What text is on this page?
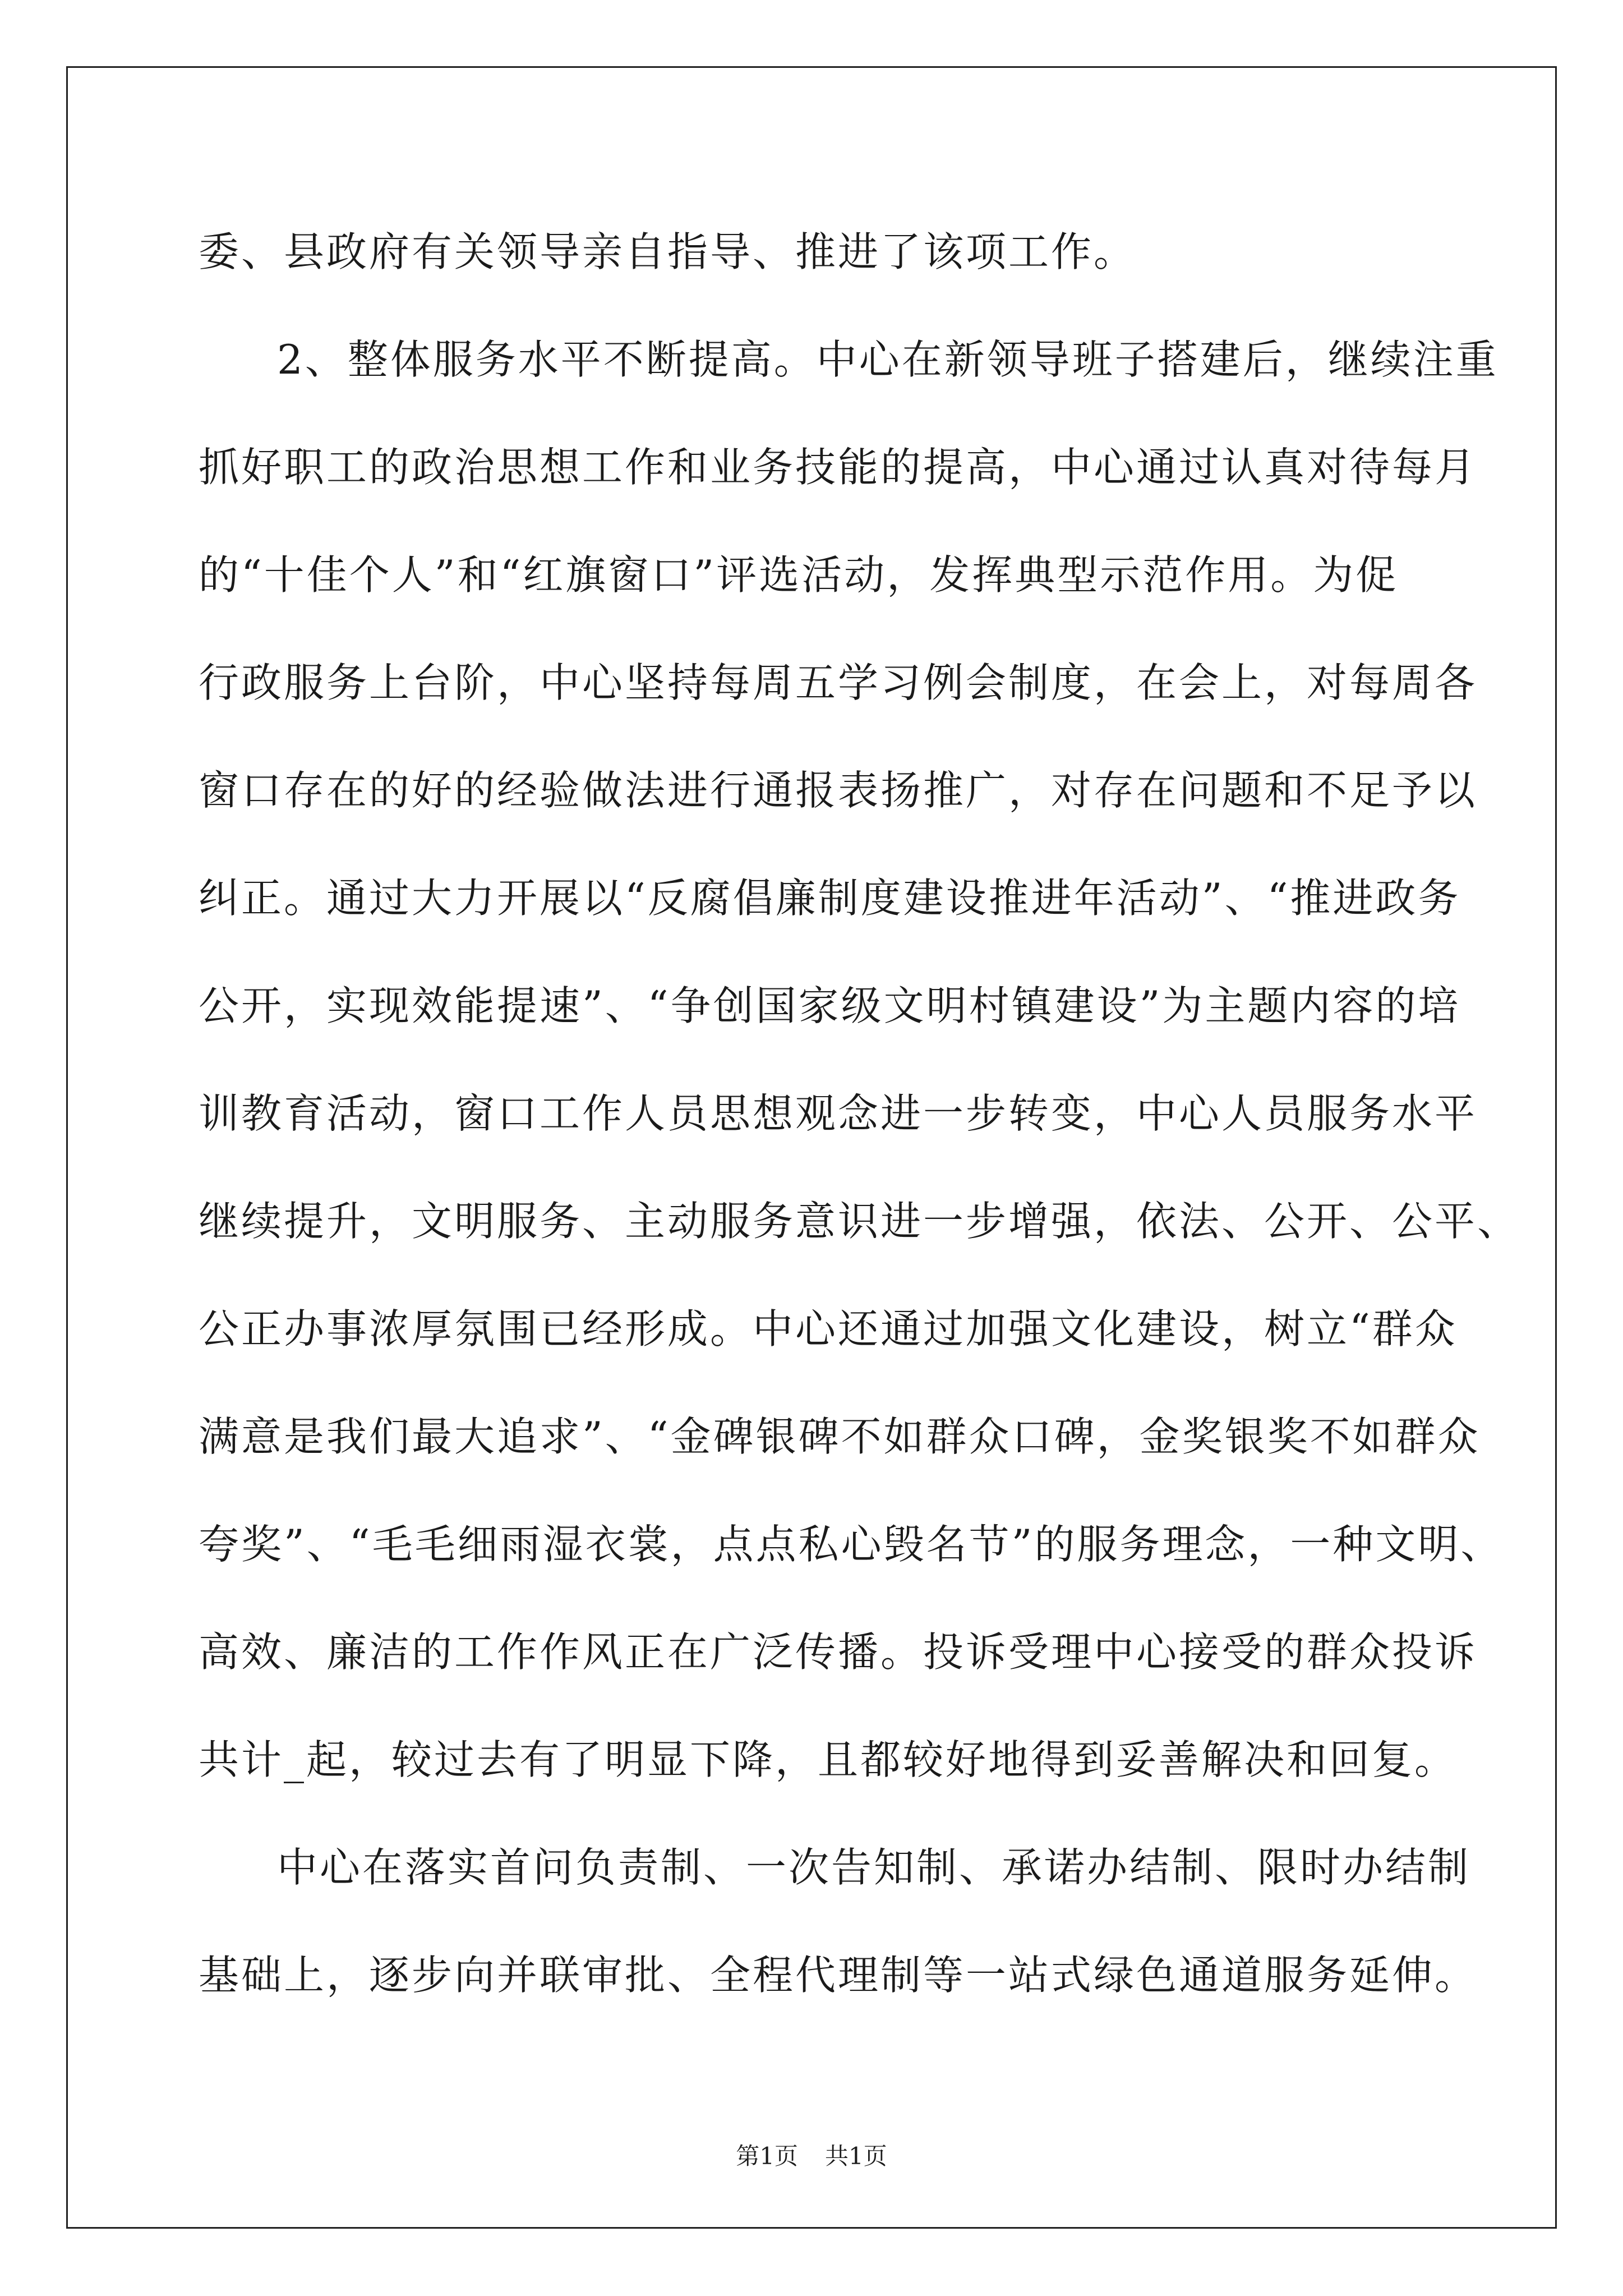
委、县政府有关领导亲自指导、推进了该项工作。
2、整体服务水平不断提高。中心在新领导班子搭建后，继续注重
抓好职工的政治思想工作和业务技能的提高，中心通过认真对待每月
的“十佳个人”和“红旗窗口”评选活动，发挥典型示范作用。为促
行政服务上台阶，中心坚持每周五学习例会制度，在会上，对每周各
窗口存在的好的经验做法进行通报表扬推广，对存在问题和不足予以
纠正。通过大力开展以“反腐倡廉制度建设推进年活动”、“推进政务
公开，实现效能提速”、“争创国家级文明村镇建设”为主题内容的培
训教育活动，窗口工作人员思想观念进一步转变，中心人员服务水平
继续提升，文明服务、主动服务意识进一步增强，依法、公开、公平、
公正办事浓厚氛围已经形成。中心还通过加强文化建设，树立“群众
满意是我们最大追求”、“金碑银碑不如群众口碑，金奖银奖不如群众
夸奖”、“毛毛细雨湿衣裳，点点私心毁名节”的服务理念，一种文明、
高效、廉洁的工作作风正在广泛传播。投诉受理中心接受的群众投诉
共计_起，较过去有了明显下降，且都较好地得到妥善解决和回复。
中心在落实首问负责制、一次告知制、承诺办结制、限时办结制
基础上，逐步向并联审批、全程代理制等一站式绿色通道服务延伸。
第1页 共1页
